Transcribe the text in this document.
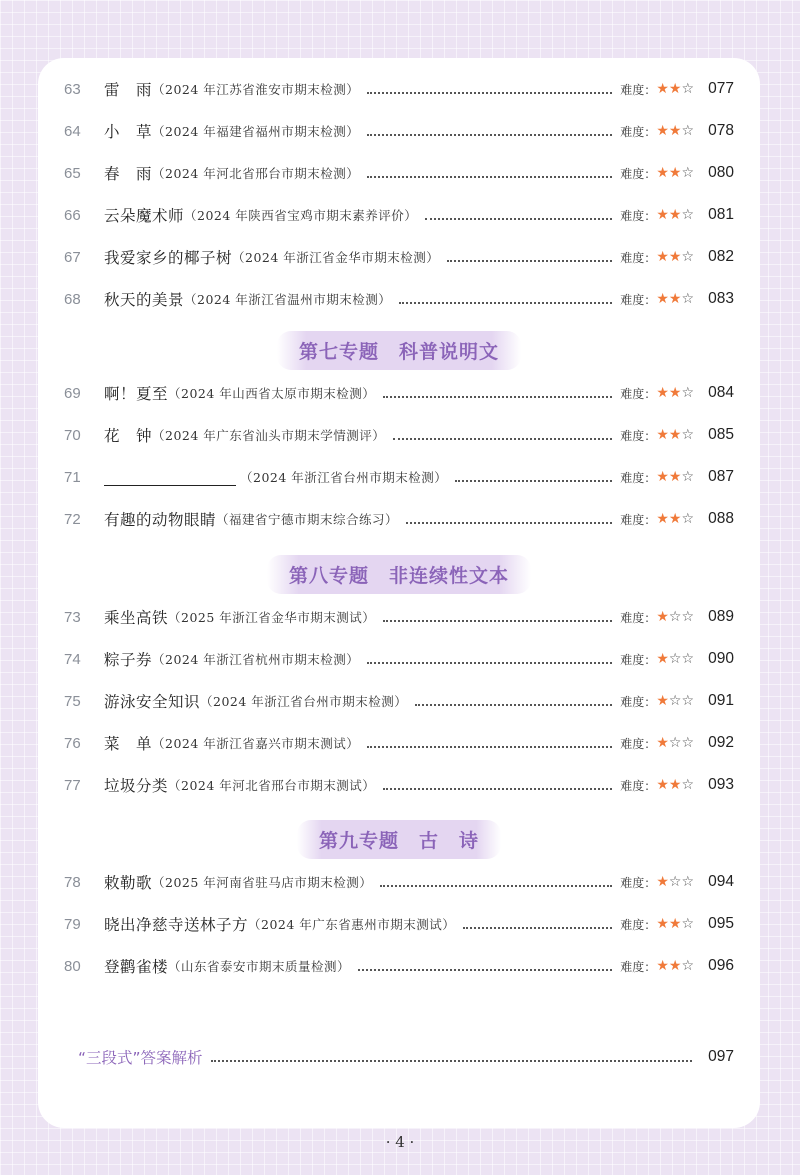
63	雷　雨 （2024 年江苏省淮安市期末检测）	难度： ★★☆ 077
64	小　草 （2024 年福建省福州市期末检测）	难度： ★★☆ 078
65	春　雨 （2024 年河北省邢台市期末检测）	难度： ★★☆ 080
66	云朵魔术师 （2024 年陕西省宝鸡市期末素养评价）	难度： ★★☆ 081
67	我爱家乡的椰子树 （2024 年浙江省金华市期末检测）	难度： ★★☆ 082
68	秋天的美景 （2024 年浙江省温州市期末检测）	难度： ★★☆ 083
第七专题　科普说明文
69	啊！夏至 （2024 年山西省太原市期末检测）	难度： ★★☆ 084
70	花　钟 （2024 年广东省汕头市期末学情测评）	难度： ★★☆ 085
71	（2024 年浙江省台州市期末检测）	难度： ★★☆ 087
72	有趣的动物眼睛 （福建省宁德市期末综合练习）	难度： ★★☆ 088
第八专题　非连续性文本
73	乘坐高铁 （2025 年浙江省金华市期末测试）	难度： ★☆☆ 089
74	粽子券 （2024 年浙江省杭州市期末检测）	难度： ★☆☆ 090
75	游泳安全知识 （2024 年浙江省台州市期末检测）	难度： ★☆☆ 091
76	菜　单 （2024 年浙江省嘉兴市期末测试）	难度： ★☆☆ 092
77	垃圾分类 （2024 年河北省邢台市期末测试）	难度： ★★☆ 093
第九专题　古　诗
78	敕勒歌 （2025 年河南省驻马店市期末检测）	难度： ★☆☆ 094
79	晓出净慈寺送林子方 （2024 年广东省惠州市期末测试）	难度： ★★☆ 095
80	登鹳雀楼 （山东省泰安市期末质量检测）	难度： ★★☆ 096
“三段式”答案解析	097
· 4 ·
